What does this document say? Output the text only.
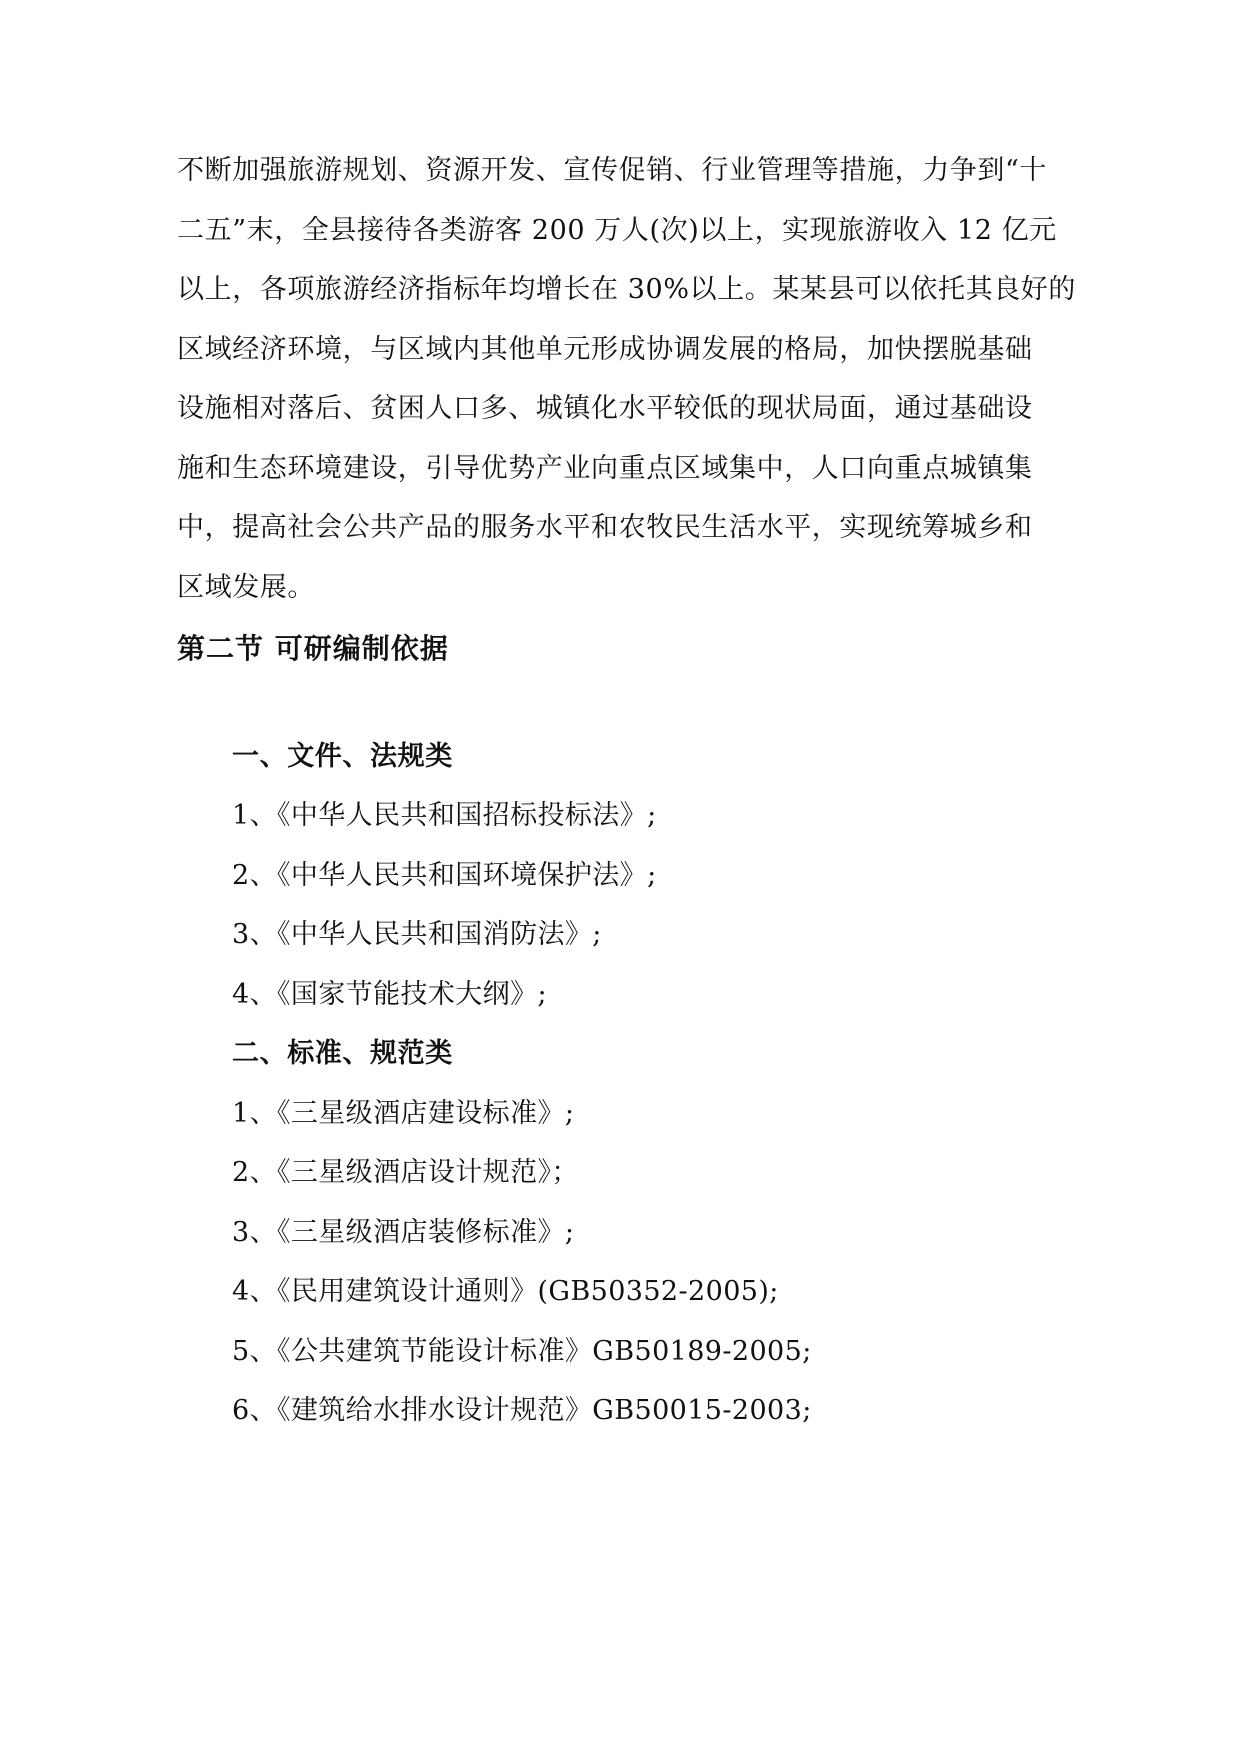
不断加强旅游规划、资源开发、宣传促销、行业管理等措施，力争到“十
二五”末，全县接待各类游客 200 万人(次)以上，实现旅游收入 12 亿元
以上，各项旅游经济指标年均增长在 30%以上。某某县可以依托其良好的
区域经济环境，与区域内其他单元形成协调发展的格局，加快摆脱基础
设施相对落后、贫困人口多、城镇化水平较低的现状局面，通过基础设
施和生态环境建设，引导优势产业向重点区域集中，人口向重点城镇集
中，提高社会公共产品的服务水平和农牧民生活水平，实现统筹城乡和
区域发展。
第二节 可研编制依据
一、文件、法规类
1、《中华人民共和国招标投标法》;
2、《中华人民共和国环境保护法》;
3、《中华人民共和国消防法》;
4、《国家节能技术大纲》;
二、标准、规范类
1、《三星级酒店建设标准》;
2、《三星级酒店设计规范》；
3、《三星级酒店装修标准》;
4、《民用建筑设计通则》(GB50352-2005);
5、《公共建筑节能设计标准》GB50189-2005;
6、《建筑给水排水设计规范》GB50015-2003;
